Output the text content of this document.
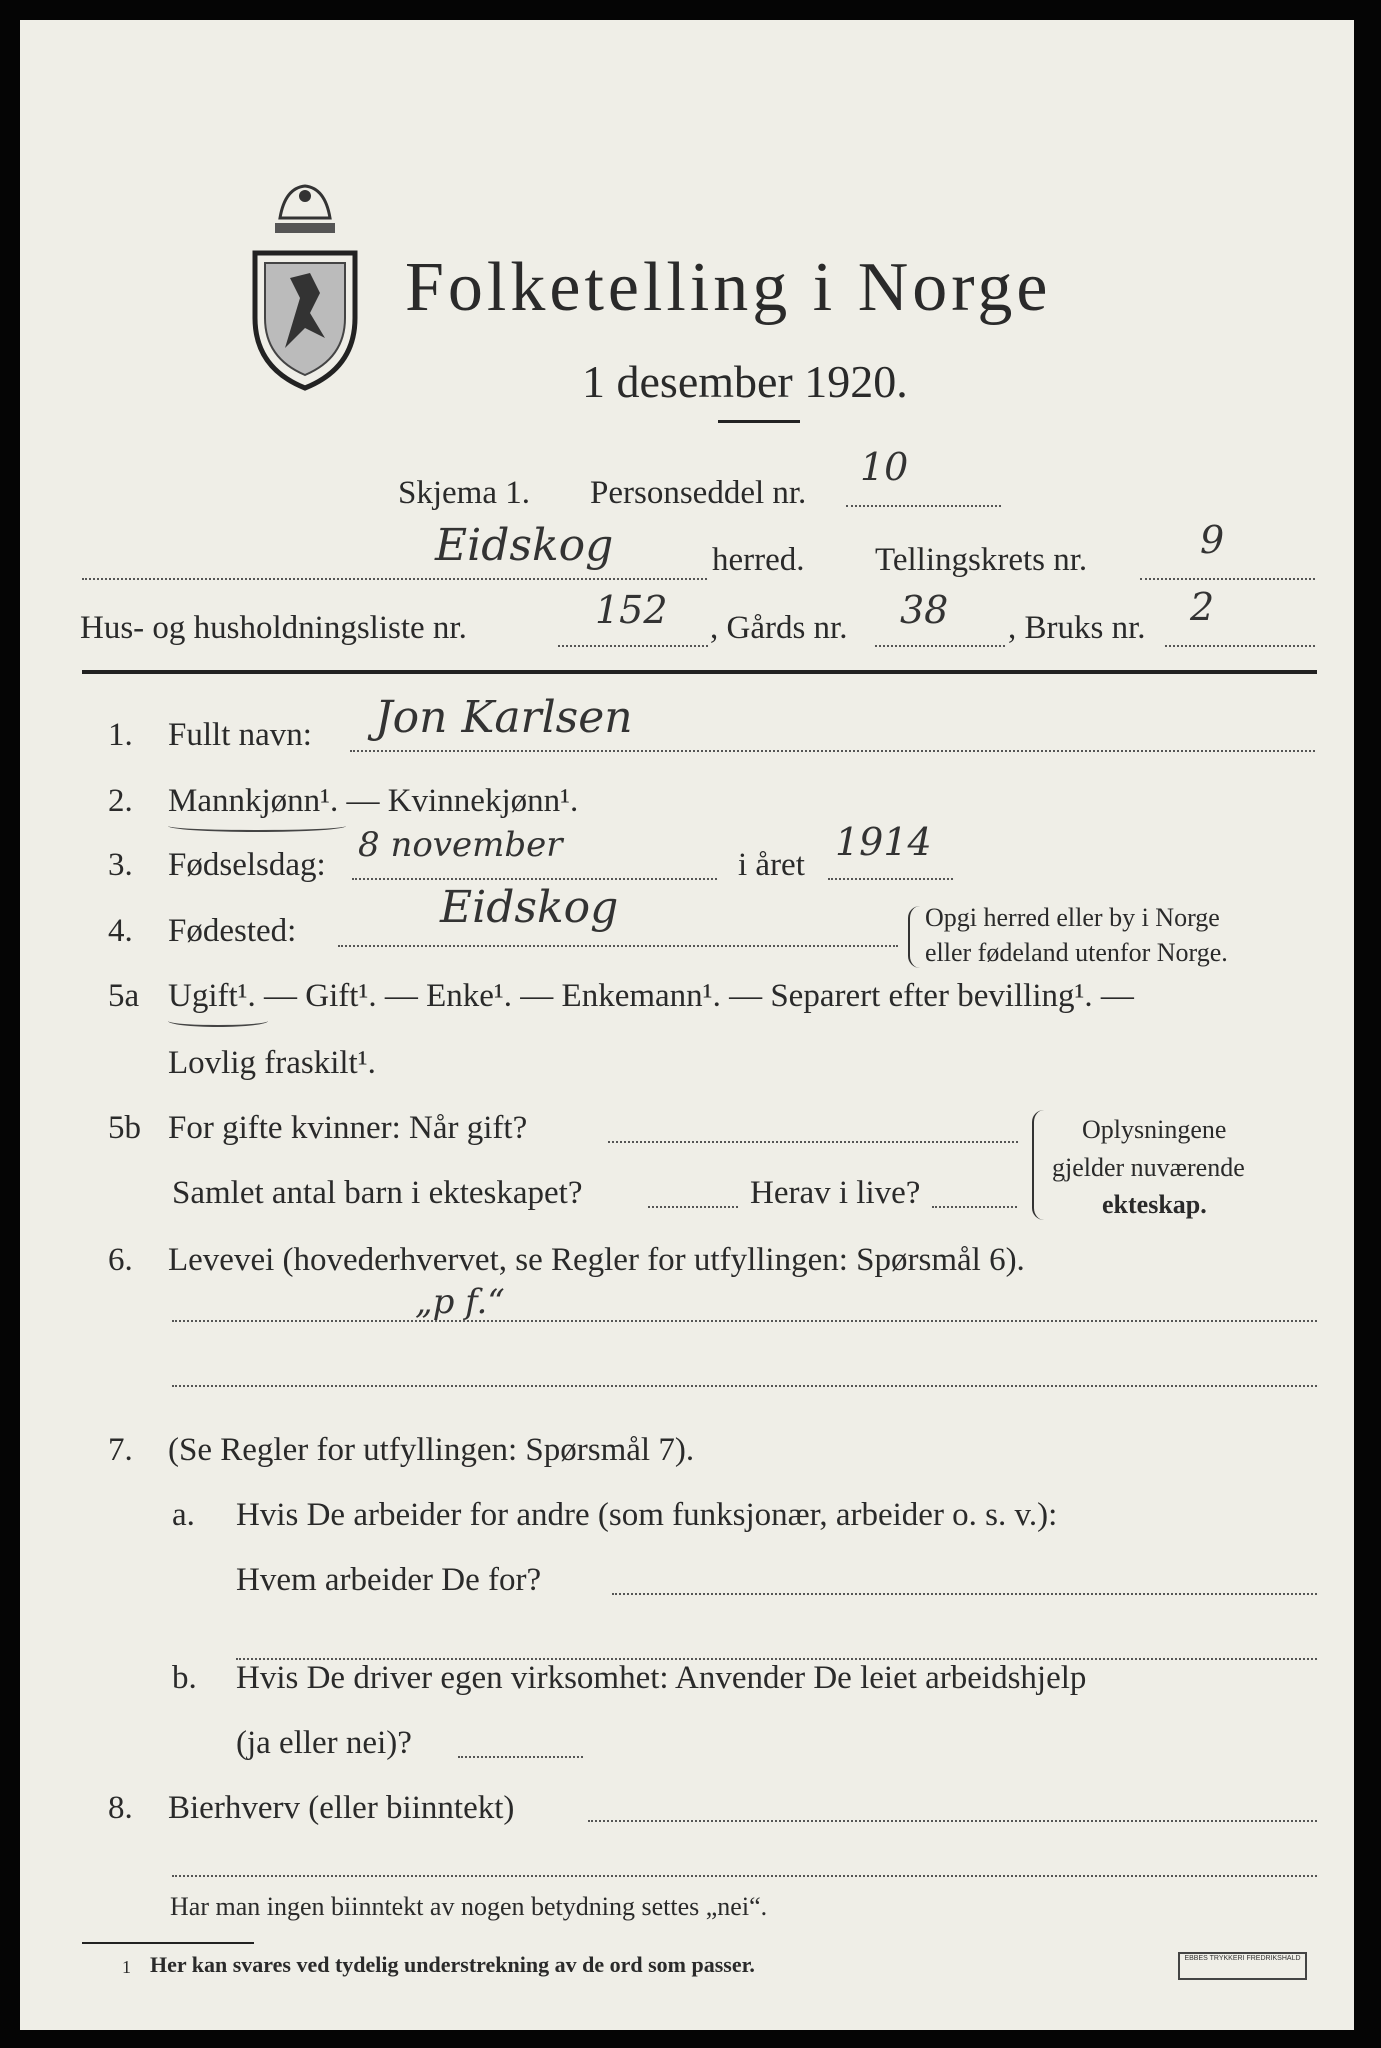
Folketelling i Norge
1 desember 1920.
Skjema 1. Personseddel nr.
10
Eidskog	herred. Tellingskrets nr.	9
Hus- og husholdningsliste nr.	152 , Gårds nr. 38 , Bruks nr. 2
1. Fullt navn: Jon Karlsen
2. Mannkjønn¹. — Kvinnekjønn¹.
3. Fødselsdag: 8 november	i året
1914
4. Fødested:	Eidskog	Opgi herred eller by i Norge
eller fødeland utenfor Norge.
5a Ugift¹. — Gift¹. — Enke¹. — Enkemann¹. — Separert efter bevilling¹. —
Lovlig fraskilt¹.
5b For gifte kvinner: Når gift?
Samlet antal barn i ekteskapet?	Herav i live?
Oplysningene
gjelder nuværende
ekteskap.
6. Levevei (hovederhvervet, se Regler for utfyllingen: Spørsmål 6).
„p f.“
7. (Se Regler for utfyllingen: Spørsmål 7).
a. Hvis De arbeider for andre (som funksjonær, arbeider o. s. v.):
Hvem arbeider De for?
b. Hvis De driver egen virksomhet: Anvender De leiet arbeidshjelp
(ja eller nei)?
8. Bierhverv (eller biinntekt)
Har man ingen biinntekt av nogen betydning settes „nei“.
1 Her kan svares ved tydelig understrekning av de ord som passer.	EBBES TRYKKERI FREDRIKSHALD
